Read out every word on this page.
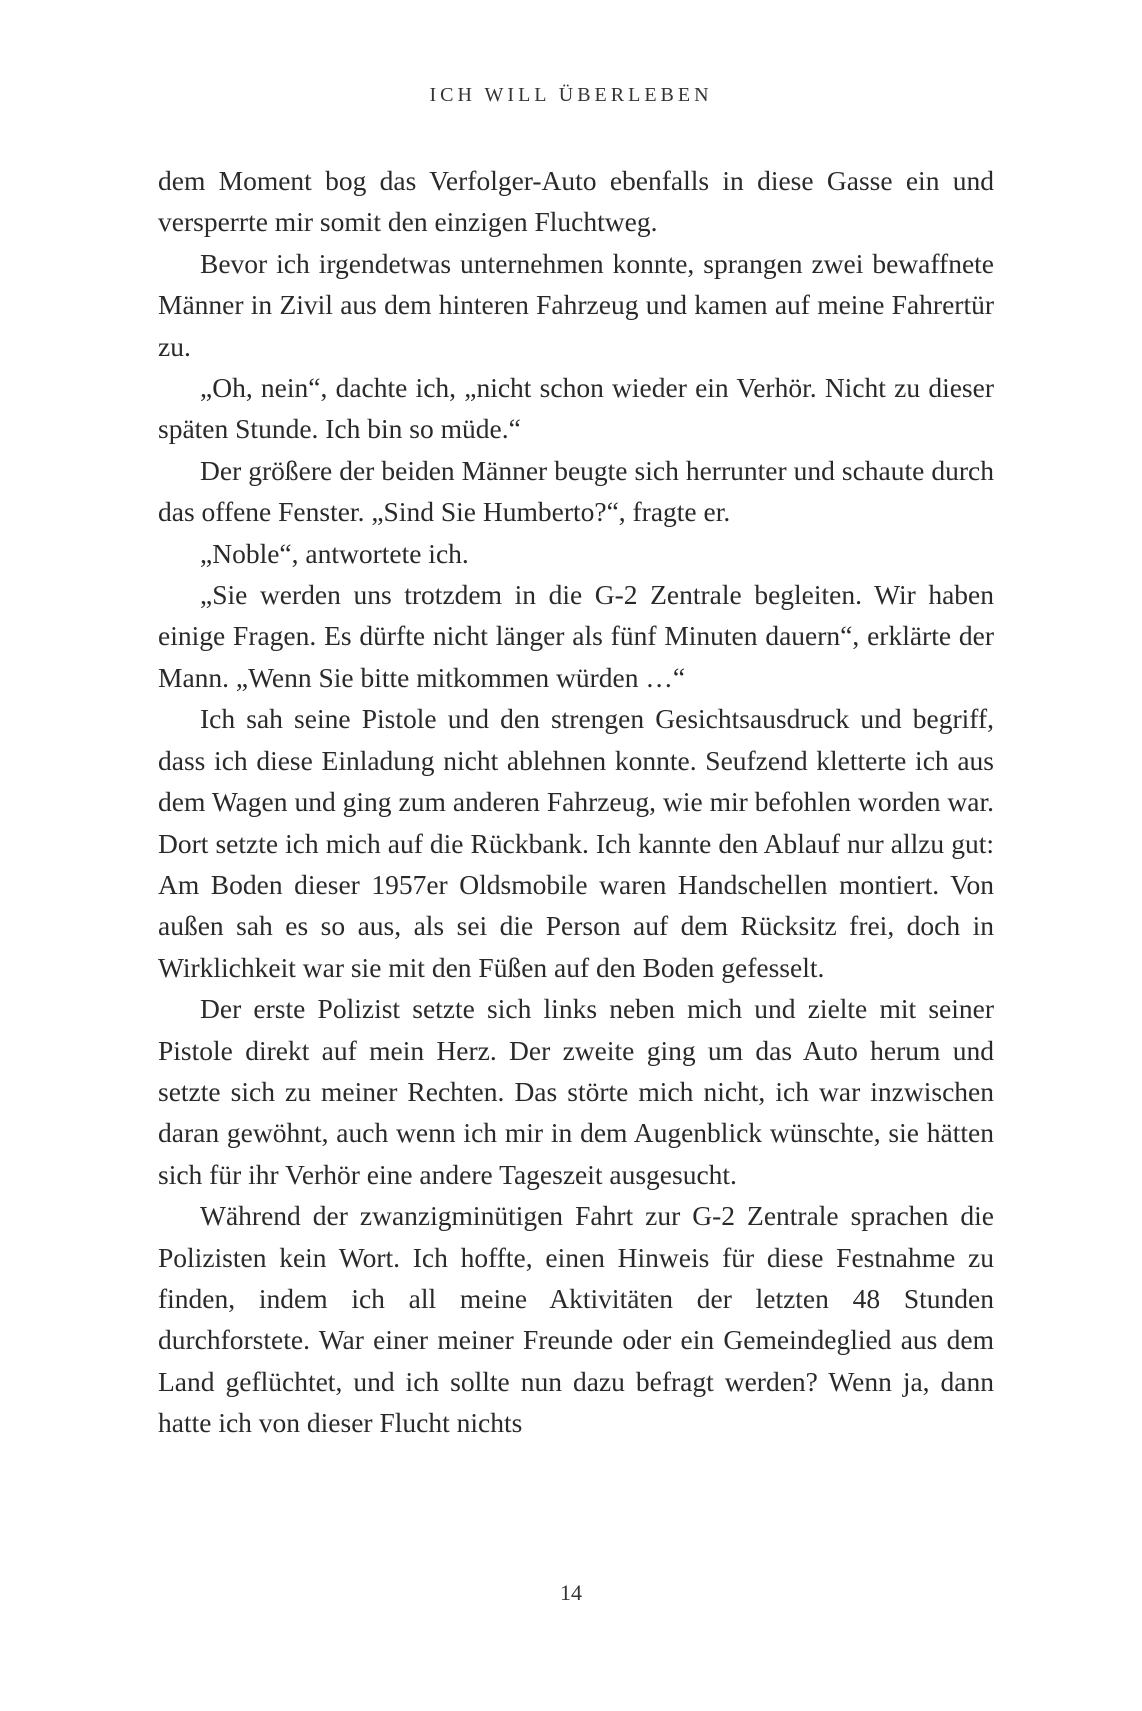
ICH WILL ÜBERLEBEN

dem Moment bog das Verfolger-Auto ebenfalls in diese Gasse ein und versperrte mir somit den einzigen Fluchtweg.

Bevor ich irgendetwas unternehmen konnte, sprangen zwei bewaffnete Männer in Zivil aus dem hinteren Fahrzeug und kamen auf meine Fahrertür zu.

„Oh, nein“, dachte ich, „nicht schon wieder ein Verhör. Nicht zu dieser späten Stunde. Ich bin so müde.“

Der größere der beiden Männer beugte sich herrunter und schaute durch das offene Fenster. „Sind Sie Humberto?“, fragte er.

„Noble“, antwortete ich.

„Sie werden uns trotzdem in die G-2 Zentrale begleiten. Wir haben einige Fragen. Es dürfte nicht länger als fünf Minuten dauern“, erklärte der Mann. „Wenn Sie bitte mitkommen würden …“

Ich sah seine Pistole und den strengen Gesichtsausdruck und begriff, dass ich diese Einladung nicht ablehnen konnte. Seufzend kletterte ich aus dem Wagen und ging zum anderen Fahrzeug, wie mir befohlen worden war. Dort setzte ich mich auf die Rückbank. Ich kannte den Ablauf nur allzu gut: Am Boden dieser 1957er Oldsmobile waren Handschellen montiert. Von außen sah es so aus, als sei die Person auf dem Rücksitz frei, doch in Wirklichkeit war sie mit den Füßen auf den Boden gefesselt.

Der erste Polizist setzte sich links neben mich und zielte mit seiner Pistole direkt auf mein Herz. Der zweite ging um das Auto herum und setzte sich zu meiner Rechten. Das störte mich nicht, ich war inzwischen daran gewöhnt, auch wenn ich mir in dem Augenblick wünschte, sie hätten sich für ihr Verhör eine andere Tageszeit ausgesucht.

Während der zwanzigminütigen Fahrt zur G-2 Zentrale sprachen die Polizisten kein Wort. Ich hoffte, einen Hinweis für diese Festnahme zu finden, indem ich all meine Aktivitäten der letzten 48 Stunden durchforstete. War einer meiner Freunde oder ein Gemeindeglied aus dem Land geflüchtet, und ich sollte nun dazu befragt werden? Wenn ja, dann hatte ich von dieser Flucht nichts

14
